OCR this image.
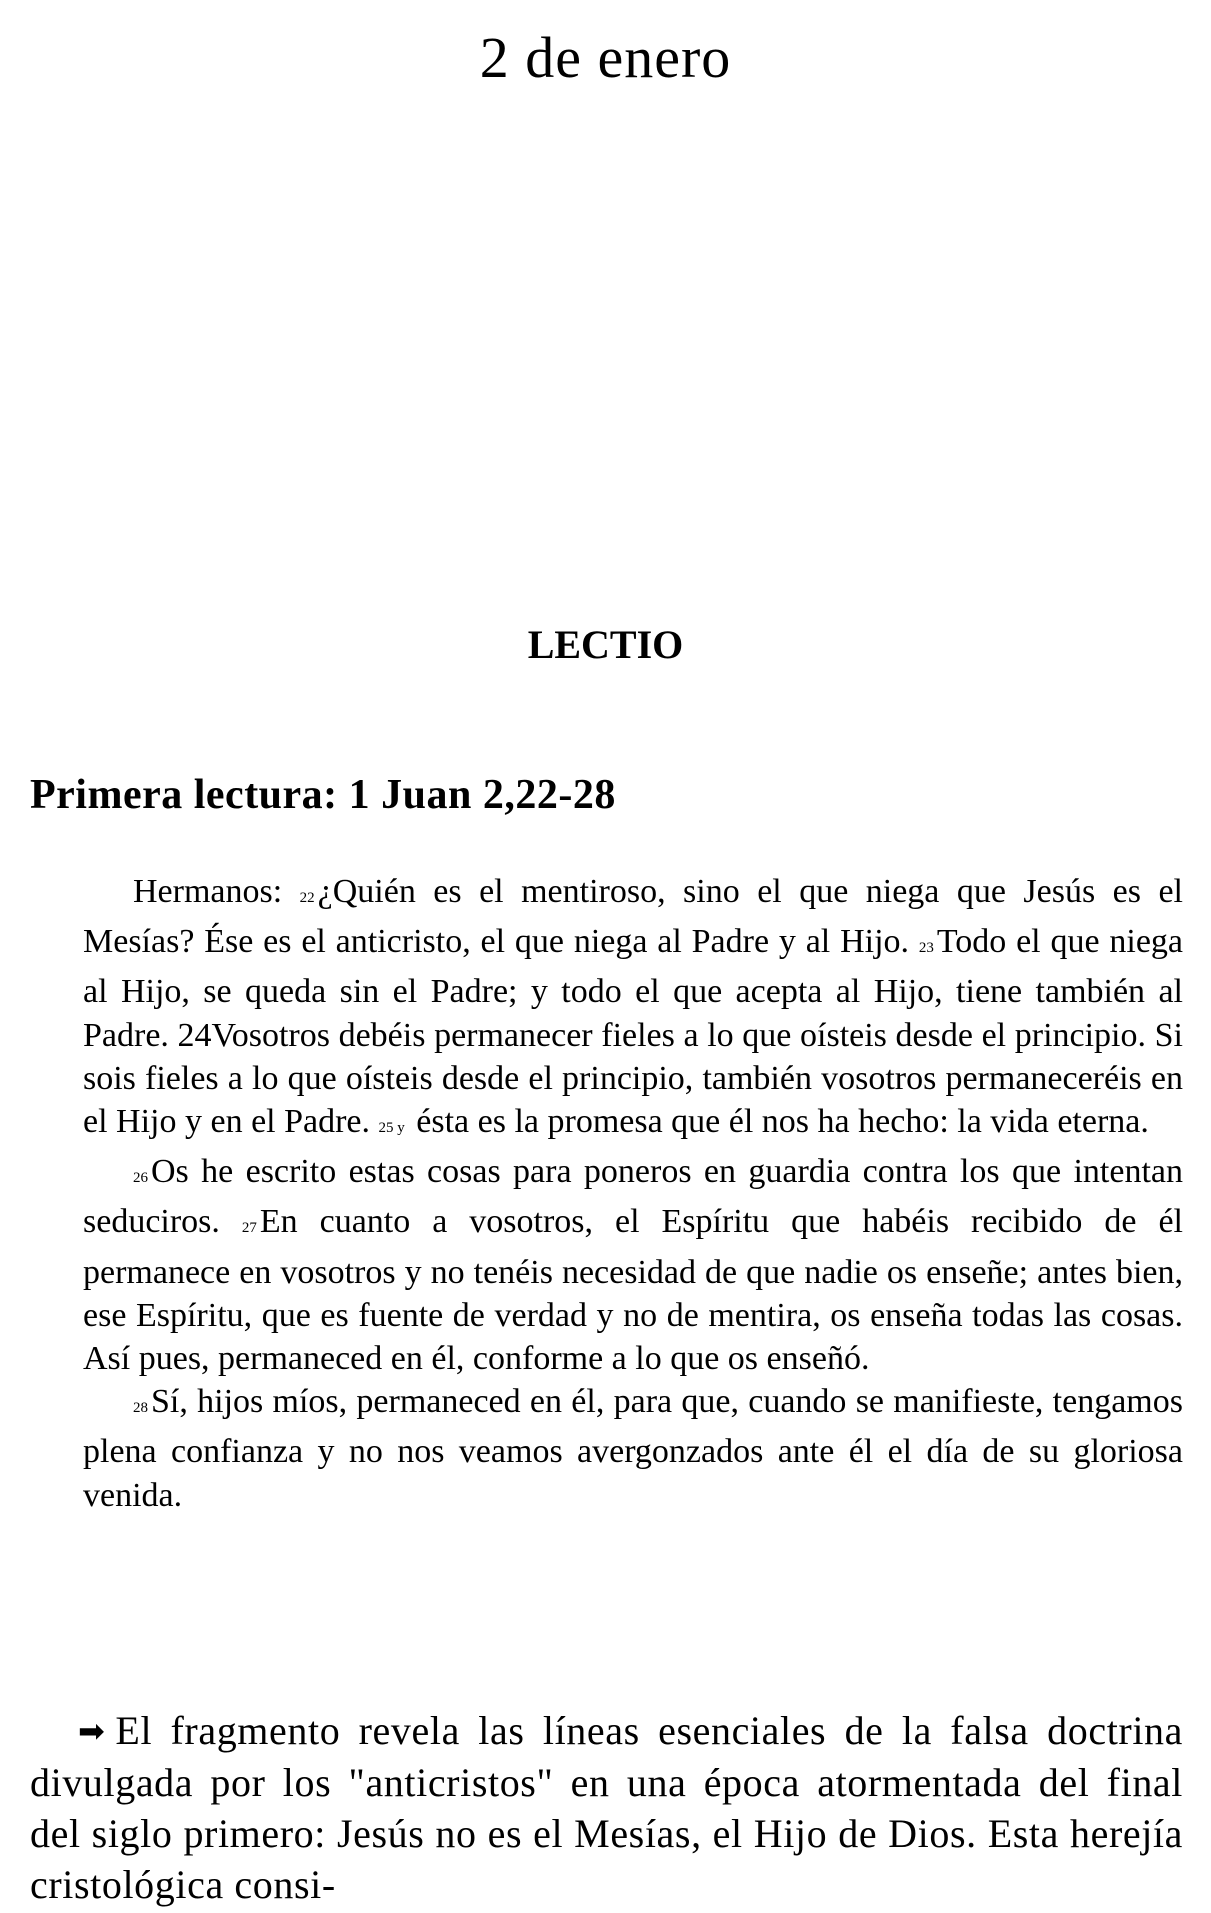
2 de enero
LECTIO
Primera lectura: 1 Juan 2,22-28

Hermanos: 22¿Quién es el mentiroso, sino el que niega que Jesús es el Mesías? Ése es el anticristo, el que niega al Padre y al Hijo. 23Todo el que niega al Hijo, se queda sin el Padre; y todo el que acepta al Hijo, tiene también al Padre. 24Vosotros debéis permanecer fieles a lo que oísteis desde el principio. Si sois fieles a lo que oísteis desde el principio, también vosotros permaneceréis en el Hijo y en el Padre. 25 y ésta es la promesa que él nos ha hecho: la vida eterna.

26Os he escrito estas cosas para poneros en guardia contra los que intentan seduciros. 27En cuanto a vosotros, el Espíritu que habéis recibido de él permanece en vosotros y no tenéis necesidad de que nadie os enseñe; antes bien, ese Espíritu, que es fuente de verdad y no de mentira, os enseña todas las cosas. Así pues, permaneced en él, conforme a lo que os enseñó.

28Sí, hijos míos, permaneced en él, para que, cuando se manifieste, tengamos plena confianza y no nos veamos avergonzados ante él el día de su gloriosa venida.

➡ El fragmento revela las líneas esenciales de la falsa doctrina divulgada por los "anticristos" en una época atormentada del final del siglo primero: Jesús no es el Mesías, el Hijo de Dios. Esta herejía cristológica consi-
